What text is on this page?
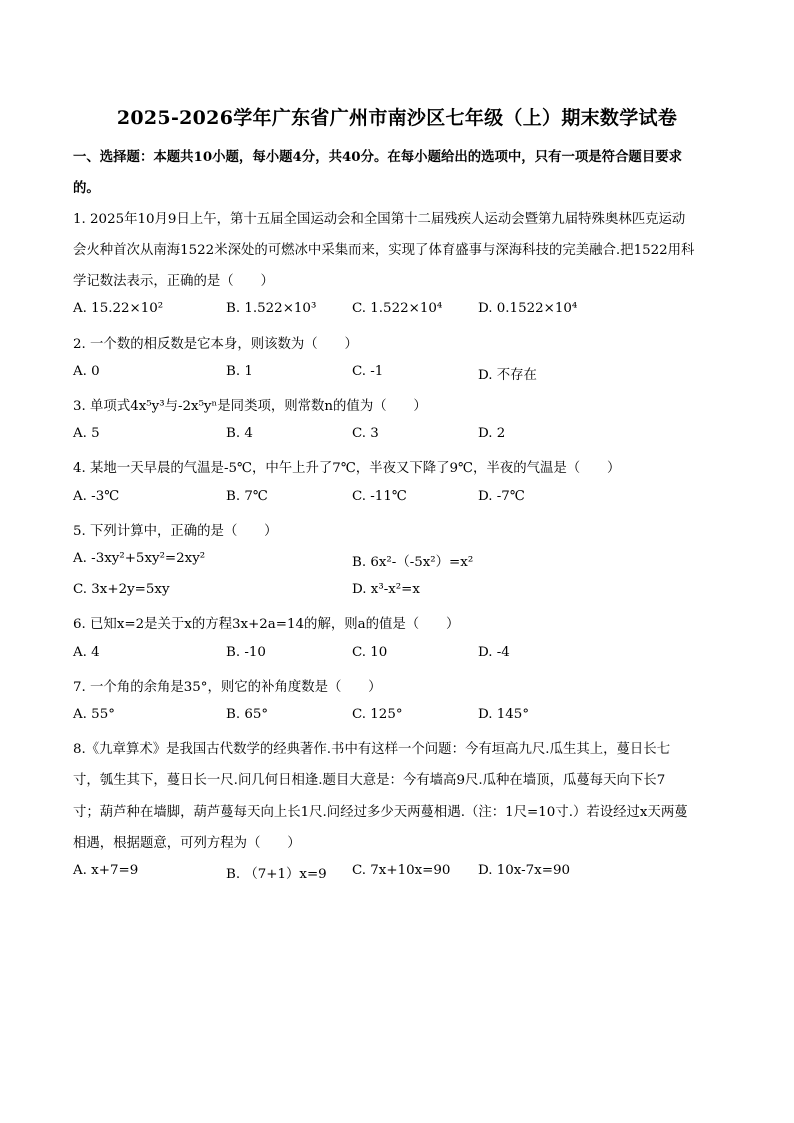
2025-2026学年广东省广州市南沙区七年级（上）期末数学试卷
一、选择题：本题共10小题，每小题4分，共40分。在每小题给出的选项中，只有一项是符合题目要求
的。
1. 2025年10月9日上午，第十五届全国运动会和全国第十二届残疾人运动会暨第九届特殊奥林匹克运动
会火种首次从南海1522米深处的可燃冰中采集而来，实现了体育盛事与深海科技的完美融合.把1522用科
学记数法表示，正确的是（　　）
A. 15.22×10²	B. 1.522×10³	C. 1.522×10⁴	D. 0.1522×10⁴
2. 一个数的相反数是它本身，则该数为（　　）
A. 0	B. 1	C. -1	D. 不存在
3. 单项式4x⁵y³与-2x⁵yⁿ是同类项，则常数n的值为（　　）
A. 5	B. 4	C. 3	D. 2
4. 某地一天早晨的气温是-5℃，中午上升了7℃，半夜又下降了9℃，半夜的气温是（　　）
A. -3℃	B. 7℃	C. -11℃	D. -7℃
5. 下列计算中，正确的是（　　）
A. -3xy²+5xy²=2xy²	B. 6x²-（-5x²）=x²
C. 3x+2y=5xy	D. x³-x²=x
6. 已知x=2是关于x的方程3x+2a=14的解，则a的值是（　　）
A. 4	B. -10	C. 10	D. -4
7. 一个角的余角是35°，则它的补角度数是（　　）
A. 55°	B. 65°	C. 125°	D. 145°
8.《九章算术》是我国古代数学的经典著作.书中有这样一个问题：今有垣高九尺.瓜生其上，蔓日长七
寸，瓠生其下，蔓日长一尺.问几何日相逢.题目大意是：今有墙高9尺.瓜种在墙顶，瓜蔓每天向下长7
寸；葫芦种在墙脚，葫芦蔓每天向上长1尺.问经过多少天两蔓相遇.（注：1尺=10寸.）若设经过x天两蔓
相遇，根据题意，可列方程为（　　）
A. x+7=9	B. （7+1）x=9 C. 7x+10x=90 D. 10x-7x=90
